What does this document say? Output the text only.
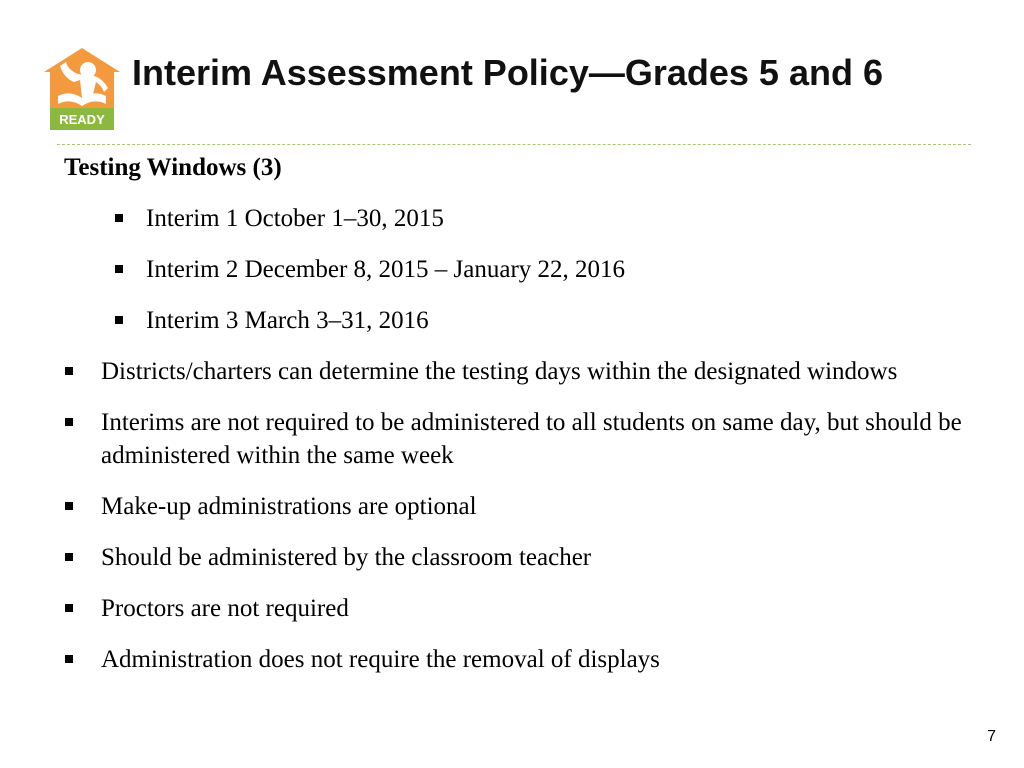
READY
Interim Assessment Policy—Grades 5 and 6

Testing Windows (3)

Interim 1 October 1–30, 2015
Interim 2 December 8, 2015 – January 22, 2016
Interim 3 March 3–31, 2016
Districts/charters can determine the testing days within the designated windows
Interims are not required to be administered to all students on same day, but should be administered within the same week
Make-up administrations are optional
Should be administered by the classroom teacher
Proctors are not required
Administration does not require the removal of displays
7
